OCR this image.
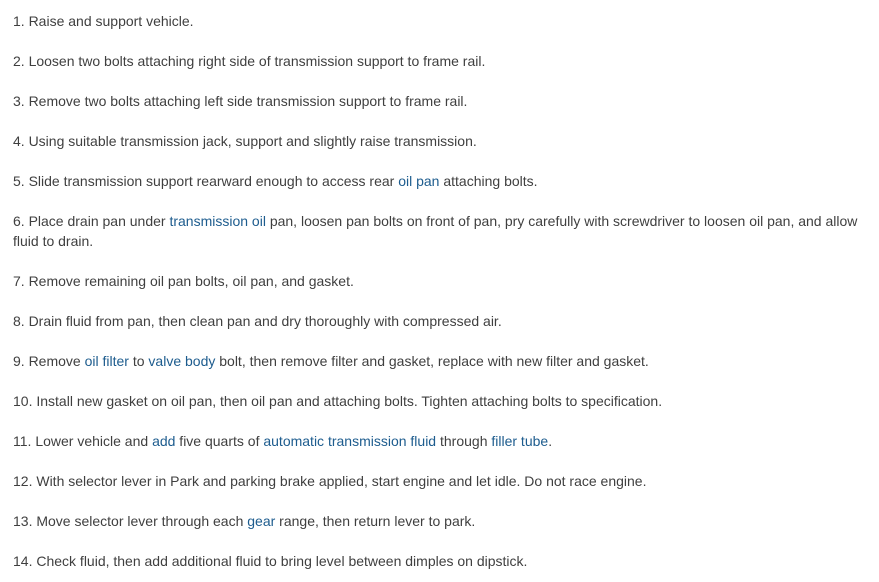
1. Raise and support vehicle.

2. Loosen two bolts attaching right side of transmission support to frame rail.

3. Remove two bolts attaching left side transmission support to frame rail.

4. Using suitable transmission jack, support and slightly raise transmission.

5. Slide transmission support rearward enough to access rear oil pan attaching bolts.

6. Place drain pan under transmission oil pan, loosen pan bolts on front of pan, pry carefully with screwdriver to loosen oil pan, and allow fluid to drain.

7. Remove remaining oil pan bolts, oil pan, and gasket.

8. Drain fluid from pan, then clean pan and dry thoroughly with compressed air.

9. Remove oil filter to valve body bolt, then remove filter and gasket, replace with new filter and gasket.

10. Install new gasket on oil pan, then oil pan and attaching bolts. Tighten attaching bolts to specification.

11. Lower vehicle and add five quarts of automatic transmission fluid through filler tube.

12. With selector lever in Park and parking brake applied, start engine and let idle. Do not race engine.

13. Move selector lever through each gear range, then return lever to park.

14. Check fluid, then add additional fluid to bring level between dimples on dipstick.
